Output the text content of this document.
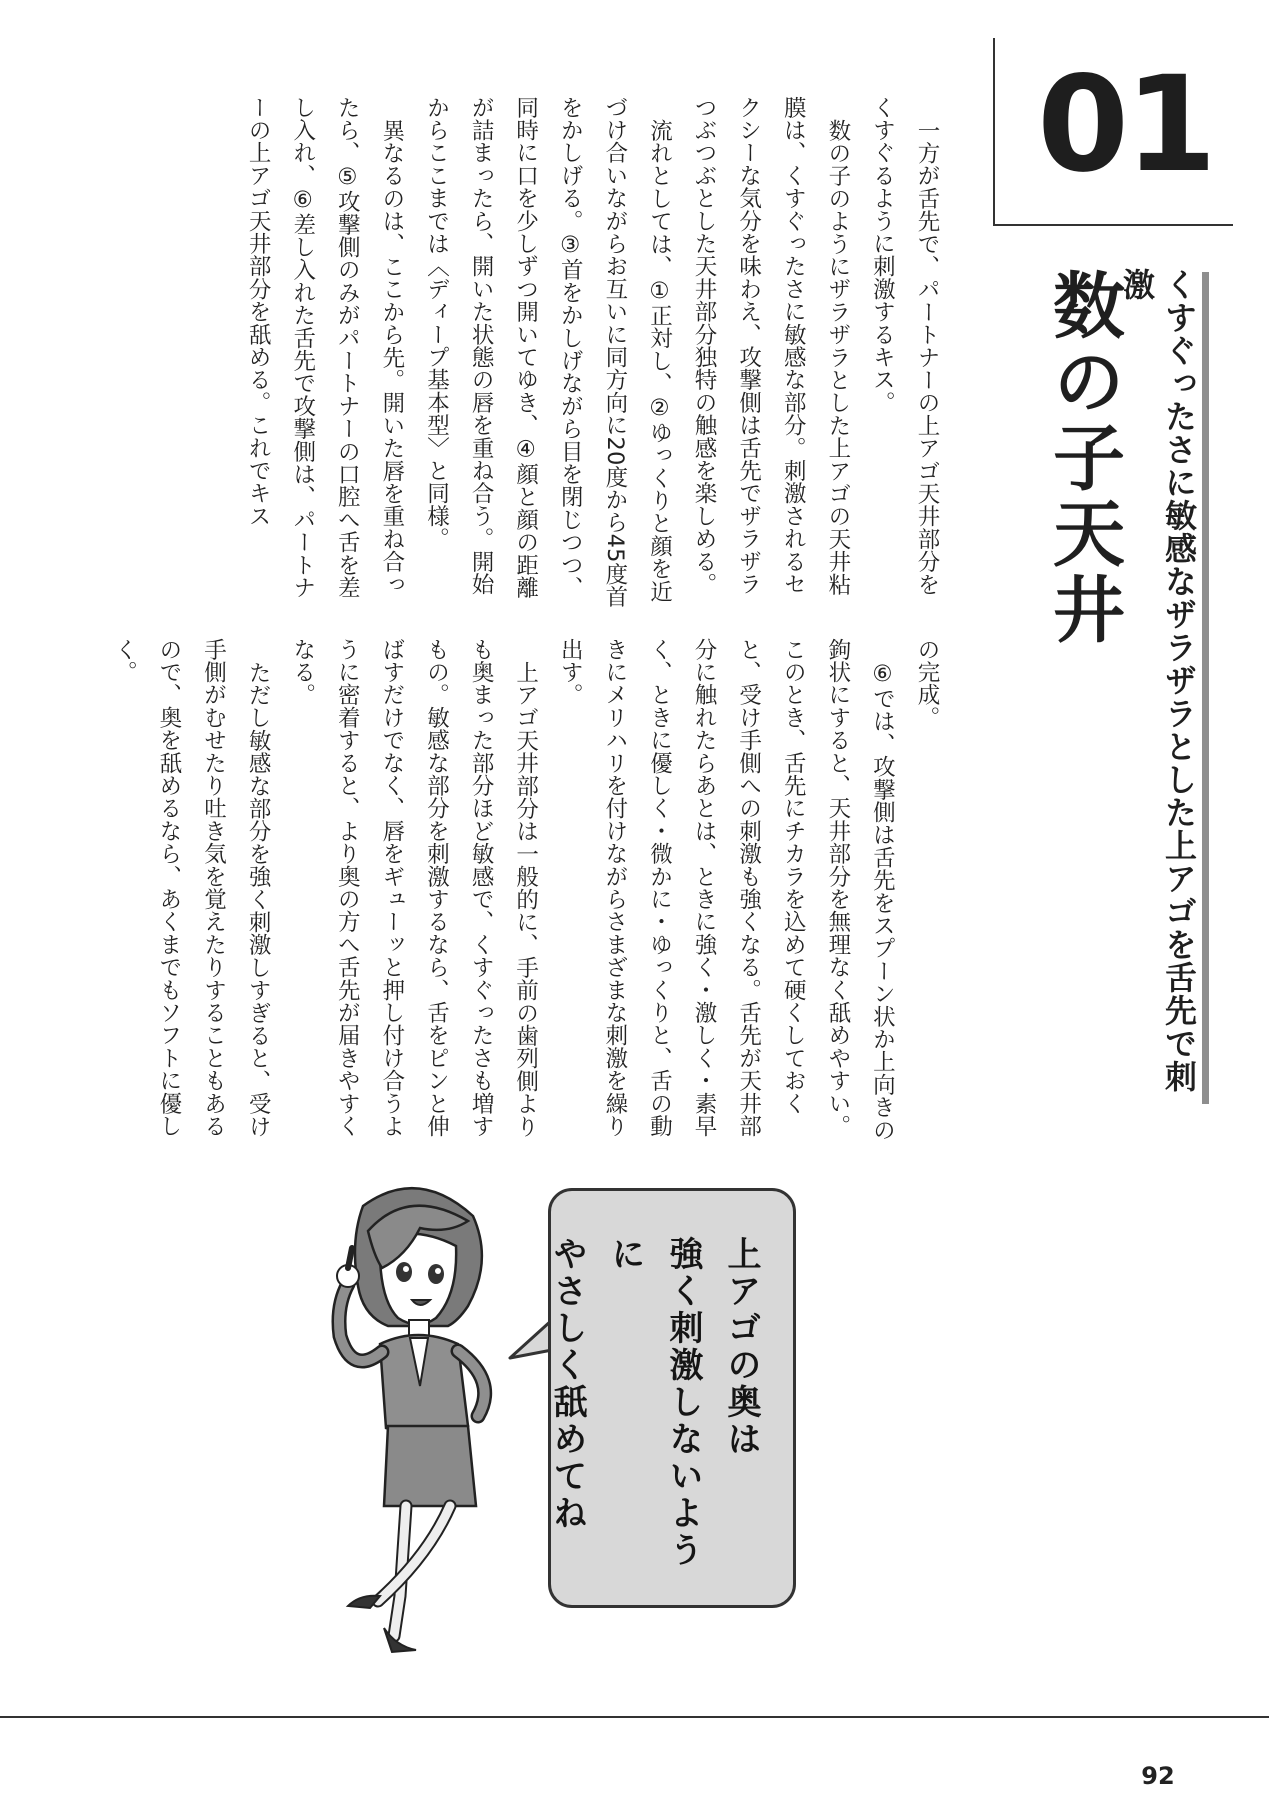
01
くすぐったさに敏感なザラザラとした上アゴを舌先で刺激
数の子天井

一方が舌先で、パートナーの上アゴ天井部分をくすぐるように刺激するキス。

数の子のようにザラザラとした上アゴの天井粘膜は、くすぐったさに敏感な部分。刺激されるセクシーな気分を味わえ、攻撃側は舌先でザラザラつぶつぶとした天井部分独特の触感を楽しめる。

流れとしては、①正対し、②ゆっくりと顔を近づけ合いながらお互いに同方向に20度から45度首をかしげる。③首をかしげながら目を閉じつつ、同時に口を少しずつ開いてゆき、④顔と顔の距離が詰まったら、開いた状態の唇を重ね合う。開始からここまでは〈ディープ基本型〉と同様。

異なるのは、ここから先。開いた唇を重ね合ったら、⑤攻撃側のみがパートナーの口腔へ舌を差し入れ、⑥差し入れた舌先で攻撃側は、パートナーの上アゴ天井部分を舐める。これでキス

の完成。

⑥では、攻撃側は舌先をスプーン状か上向きの鉤状にすると、天井部分を無理なく舐めやすい。このとき、舌先にチカラを込めて硬くしておくと、受け手側への刺激も強くなる。舌先が天井部分に触れたらあとは、ときに強く・激しく・素早く、ときに優しく・微かに・ゆっくりと、舌の動きにメリハリを付けながらさまざまな刺激を繰り出す。

上アゴ天井部分は一般的に、手前の歯列側よりも奥まった部分ほど敏感で、くすぐったさも増すもの。敏感な部分を刺激するなら、舌をピンと伸ばすだけでなく、唇をギューッと押し付け合うように密着すると、より奥の方へ舌先が届きやすくなる。

ただし敏感な部分を強く刺激しすぎると、受け手側がむせたり吐き気を覚えたりすることもあるので、奥を舐めるなら、あくまでもソフトに優しく。

上アゴの奥は
強く刺激しないように
やさしく舐めてね
92
